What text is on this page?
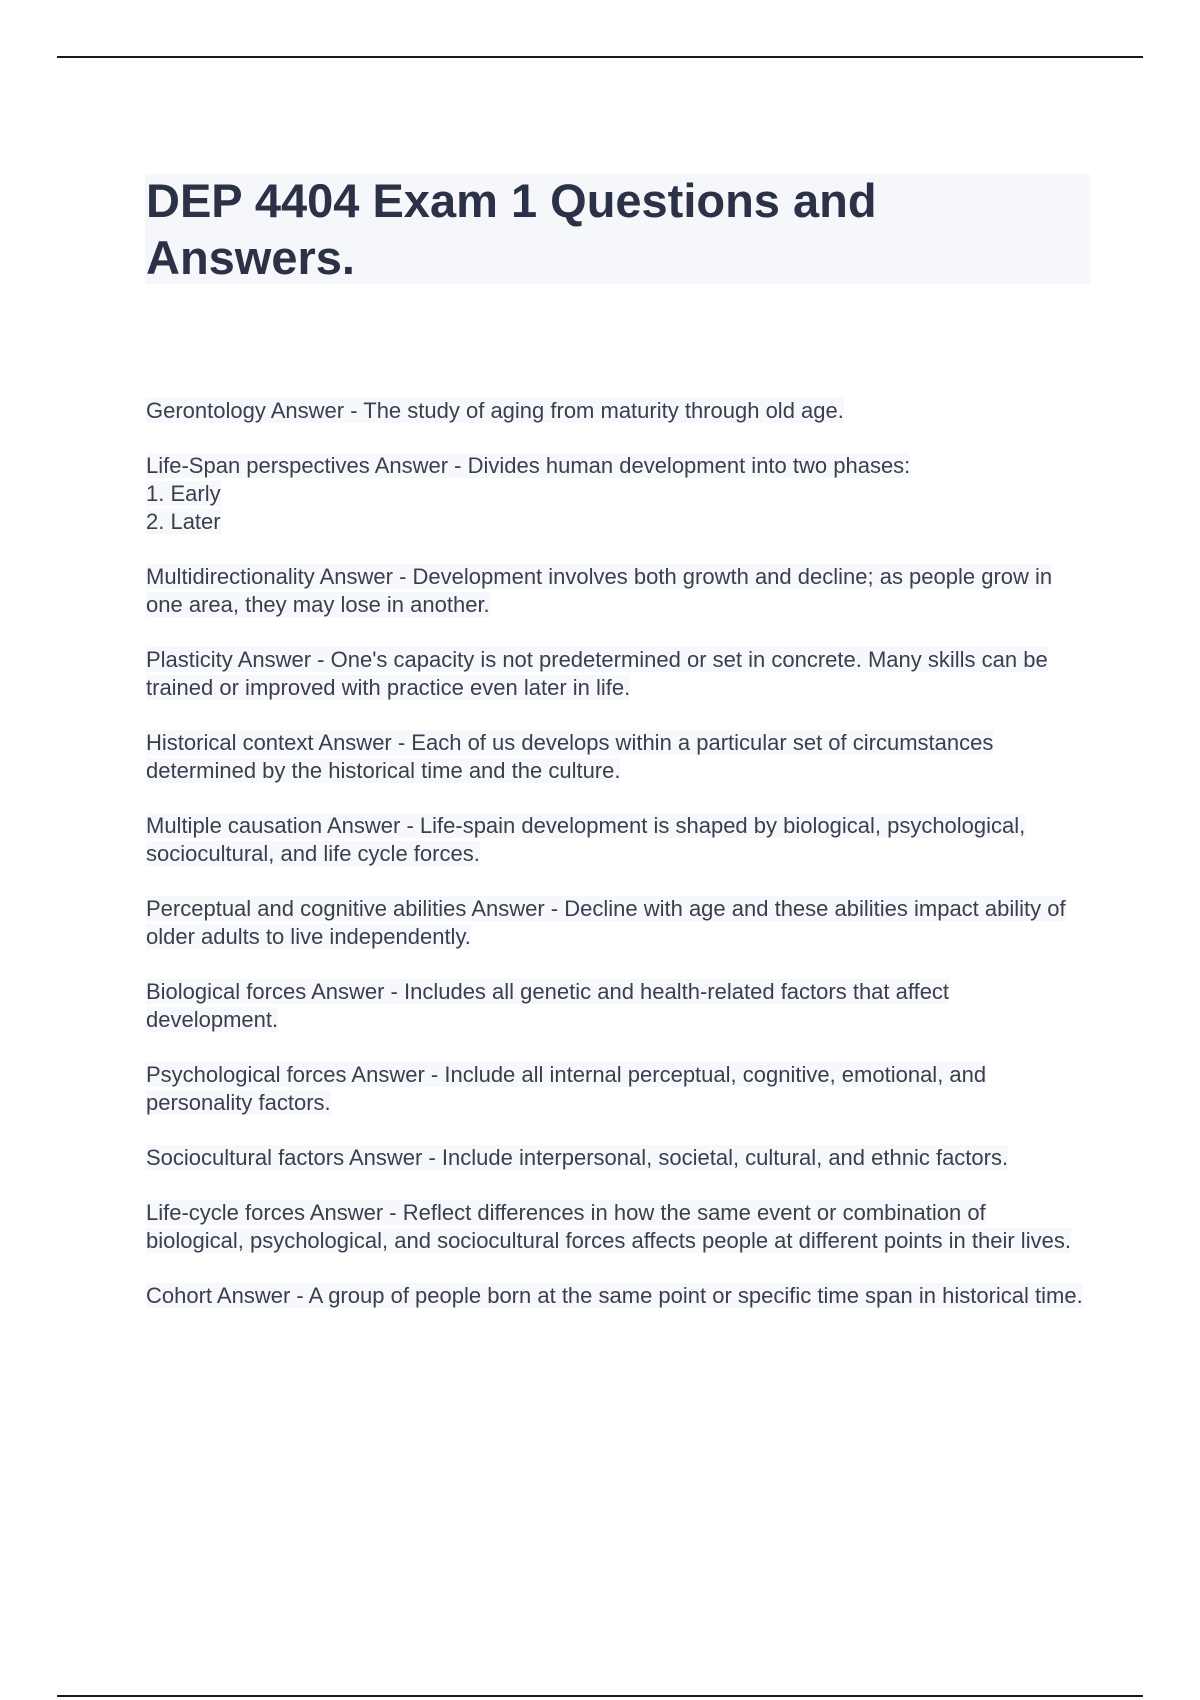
DEP 4404 Exam 1 Questions and Answers.

Gerontology Answer - The study of aging from maturity through old age.

Life-Span perspectives Answer - Divides human development into two phases:
1. Early
2. Later

Multidirectionality Answer - Development involves both growth and decline; as people grow in one area, they may lose in another.

Plasticity Answer - One's capacity is not predetermined or set in concrete. Many skills can be trained or improved with practice even later in life.

Historical context Answer - Each of us develops within a particular set of circumstances determined by the historical time and the culture.

Multiple causation Answer - Life-spain development is shaped by biological, psychological, sociocultural, and life cycle forces.

Perceptual and cognitive abilities Answer - Decline with age and these abilities impact ability of older adults to live independently.

Biological forces Answer - Includes all genetic and health-related factors that affect development.

Psychological forces Answer - Include all internal perceptual, cognitive, emotional, and personality factors.

Sociocultural factors Answer - Include interpersonal, societal, cultural, and ethnic factors.

Life-cycle forces Answer - Reflect differences in how the same event or combination of biological, psychological, and sociocultural forces affects people at different points in their lives.

Cohort Answer - A group of people born at the same point or specific time span in historical time.
